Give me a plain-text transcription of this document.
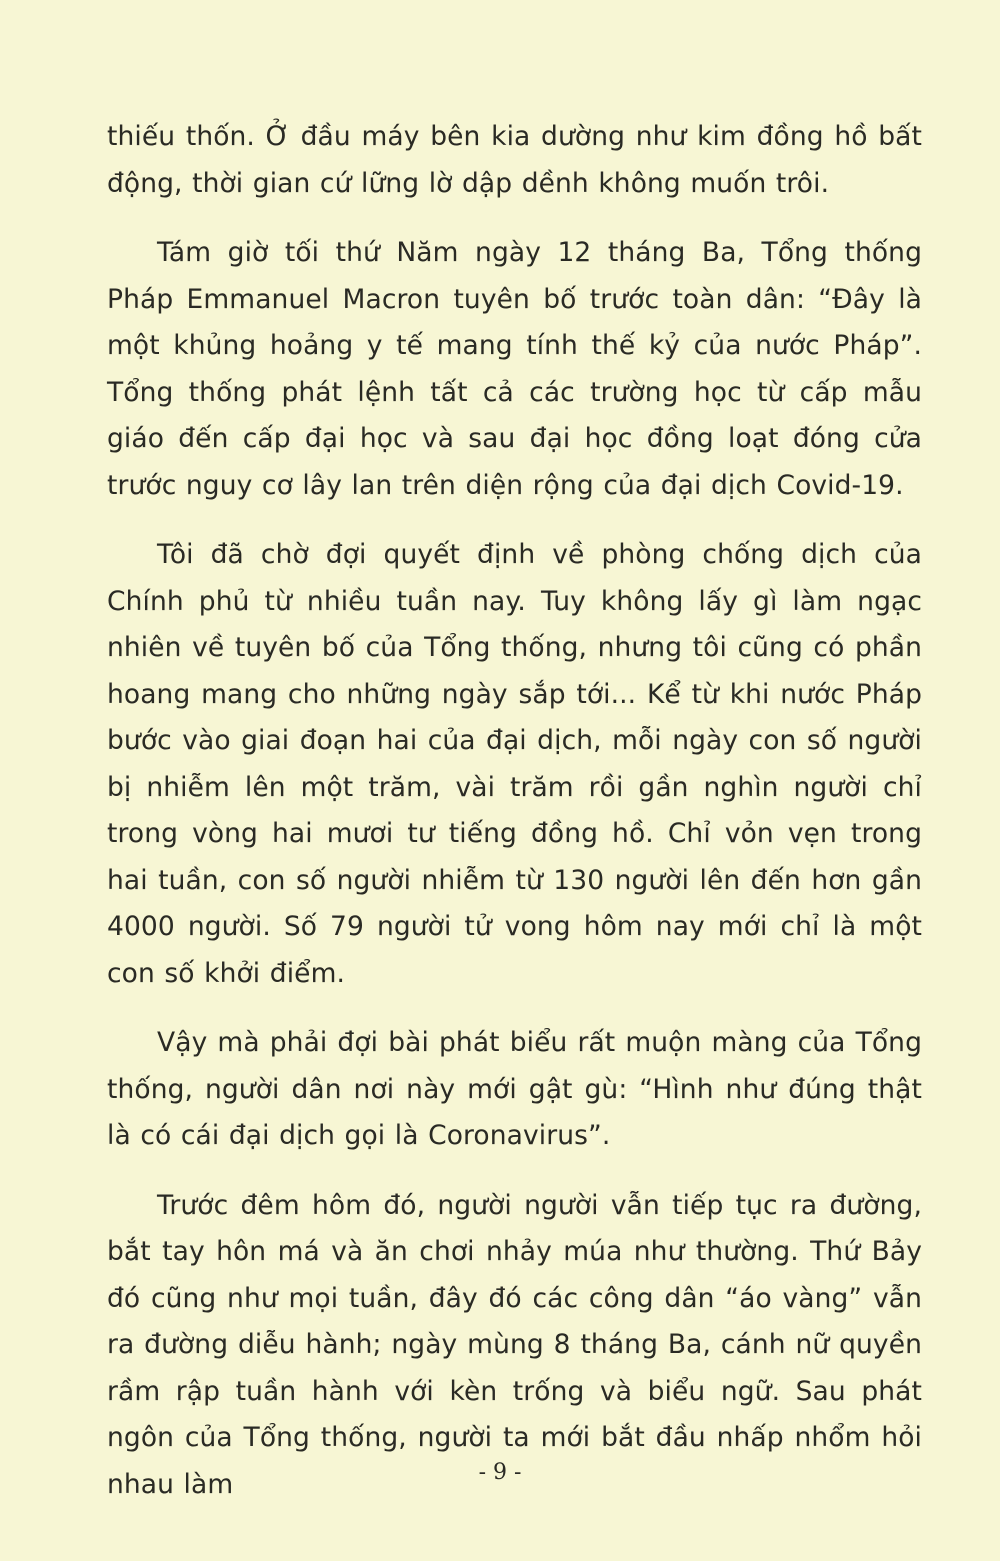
thiếu thốn. Ở đầu máy bên kia dường như kim đồng hồ bất động, thời gian cứ lững lờ dập dềnh không muốn trôi.

Tám giờ tối thứ Năm ngày 12 tháng Ba, Tổng thống Pháp Emmanuel Macron tuyên bố trước toàn dân: “Đây là một khủng hoảng y tế mang tính thế kỷ của nước Pháp”. Tổng thống phát lệnh tất cả các trường học từ cấp mẫu giáo đến cấp đại học và sau đại học đồng loạt đóng cửa trước nguy cơ lây lan trên diện rộng của đại dịch Covid-19.

Tôi đã chờ đợi quyết định về phòng chống dịch của Chính phủ từ nhiều tuần nay. Tuy không lấy gì làm ngạc nhiên về tuyên bố của Tổng thống, nhưng tôi cũng có phần hoang mang cho những ngày sắp tới... Kể từ khi nước Pháp bước vào giai đoạn hai của đại dịch, mỗi ngày con số người bị nhiễm lên một trăm, vài trăm rồi gần nghìn người chỉ trong vòng hai mươi tư tiếng đồng hồ. Chỉ vỏn vẹn trong hai tuần, con số người nhiễm từ 130 người lên đến hơn gần 4000 người. Số 79 người tử vong hôm nay mới chỉ là một con số khởi điểm.

Vậy mà phải đợi bài phát biểu rất muộn màng của Tổng thống, người dân nơi này mới gật gù: “Hình như đúng thật là có cái đại dịch gọi là Coronavirus”.

Trước đêm hôm đó, người người vẫn tiếp tục ra đường, bắt tay hôn má và ăn chơi nhảy múa như thường. Thứ Bảy đó cũng như mọi tuần, đây đó các công dân “áo vàng” vẫn ra đường diễu hành; ngày mùng 8 tháng Ba, cánh nữ quyền rầm rập tuần hành với kèn trống và biểu ngữ. Sau phát ngôn của Tổng thống, người ta mới bắt đầu nhấp nhổm hỏi nhau làm	- 9 -
